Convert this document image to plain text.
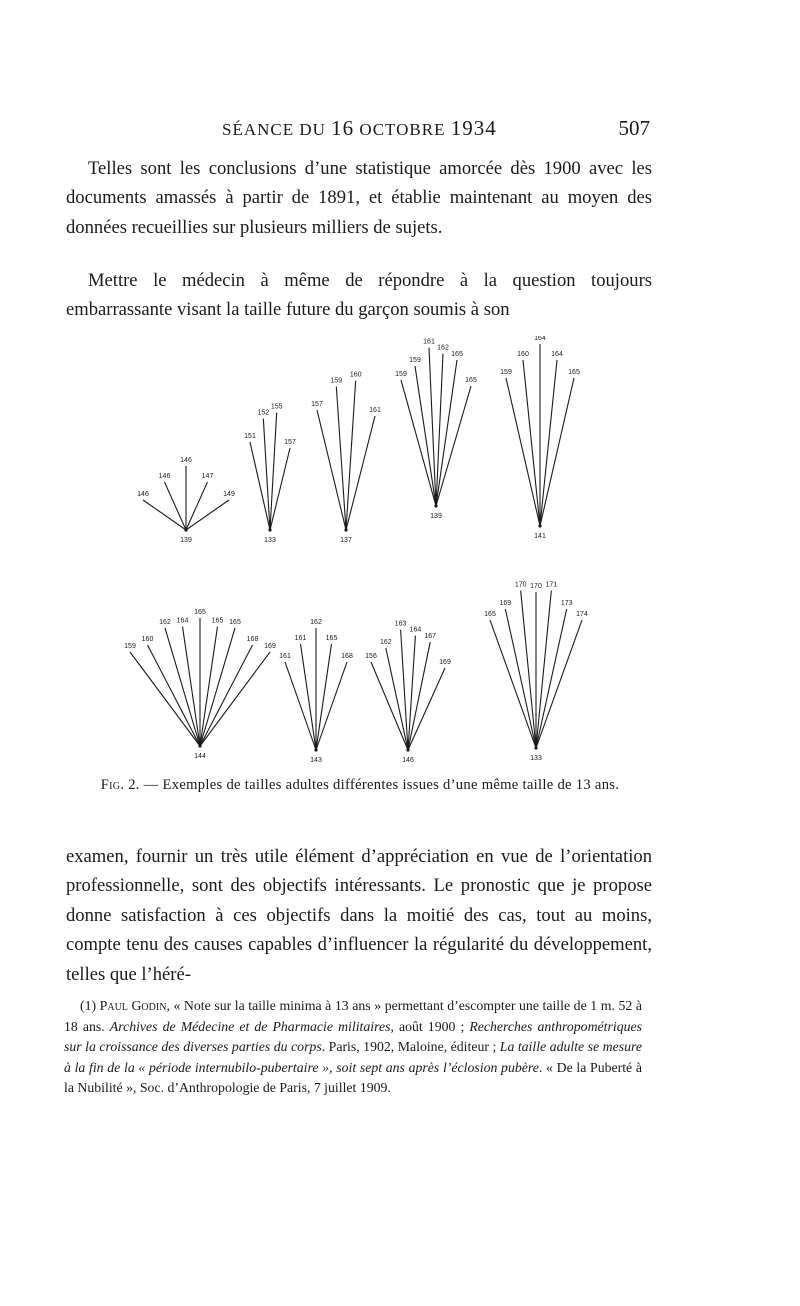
SÉANCE DU 16 OCTOBRE 1934	507
Telles sont les conclusions d’une statistique amorcée dès 1900 avec les documents amassés à partir de 1891, et établie maintenant au moyen des données recueillies sur plusieurs milliers de sujets.
Mettre le médecin à même de répondre à la question toujours embarrassante visant la taille future du garçon soumis à son
146
146
146
147
149
139
151
152
155
157
133
157
159
160
161
137
159
159
161
162
165
165
139
159
160
164
164
165
141
159
160
162 164
165
165 165
168
169
144
161
161
162
165
168
143
156
162
163
164
167
169
146
165
169
170 170 171
173
174
133
Fig. 2. — Exemples de tailles adultes différentes issues d’une même taille de 13 ans.
examen, fournir un très utile élément d’appréciation en vue de l’orientation professionnelle, sont des objectifs intéressants. Le pronostic que je propose donne satisfaction à ces objectifs dans la moitié des cas, tout au moins, compte tenu des causes capables d’influencer la régularité du développement, telles que l’héré-
(1) Paul Godin, « Note sur la taille minima à 13 ans » permettant d’escompter une taille de 1 m. 52 à 18 ans. Archives de Médecine et de Pharmacie militaires, août 1900 ; Recherches anthropométriques sur la croissance des diverses parties du corps. Paris, 1902, Maloine, éditeur ; La taille adulte se mesure à la fin de la « période internubilo-pubertaire », soit sept ans après l’éclosion pubère. « De la Puberté à la Nubilité », Soc. d’Anthropologie de Paris, 7 juillet 1909.
